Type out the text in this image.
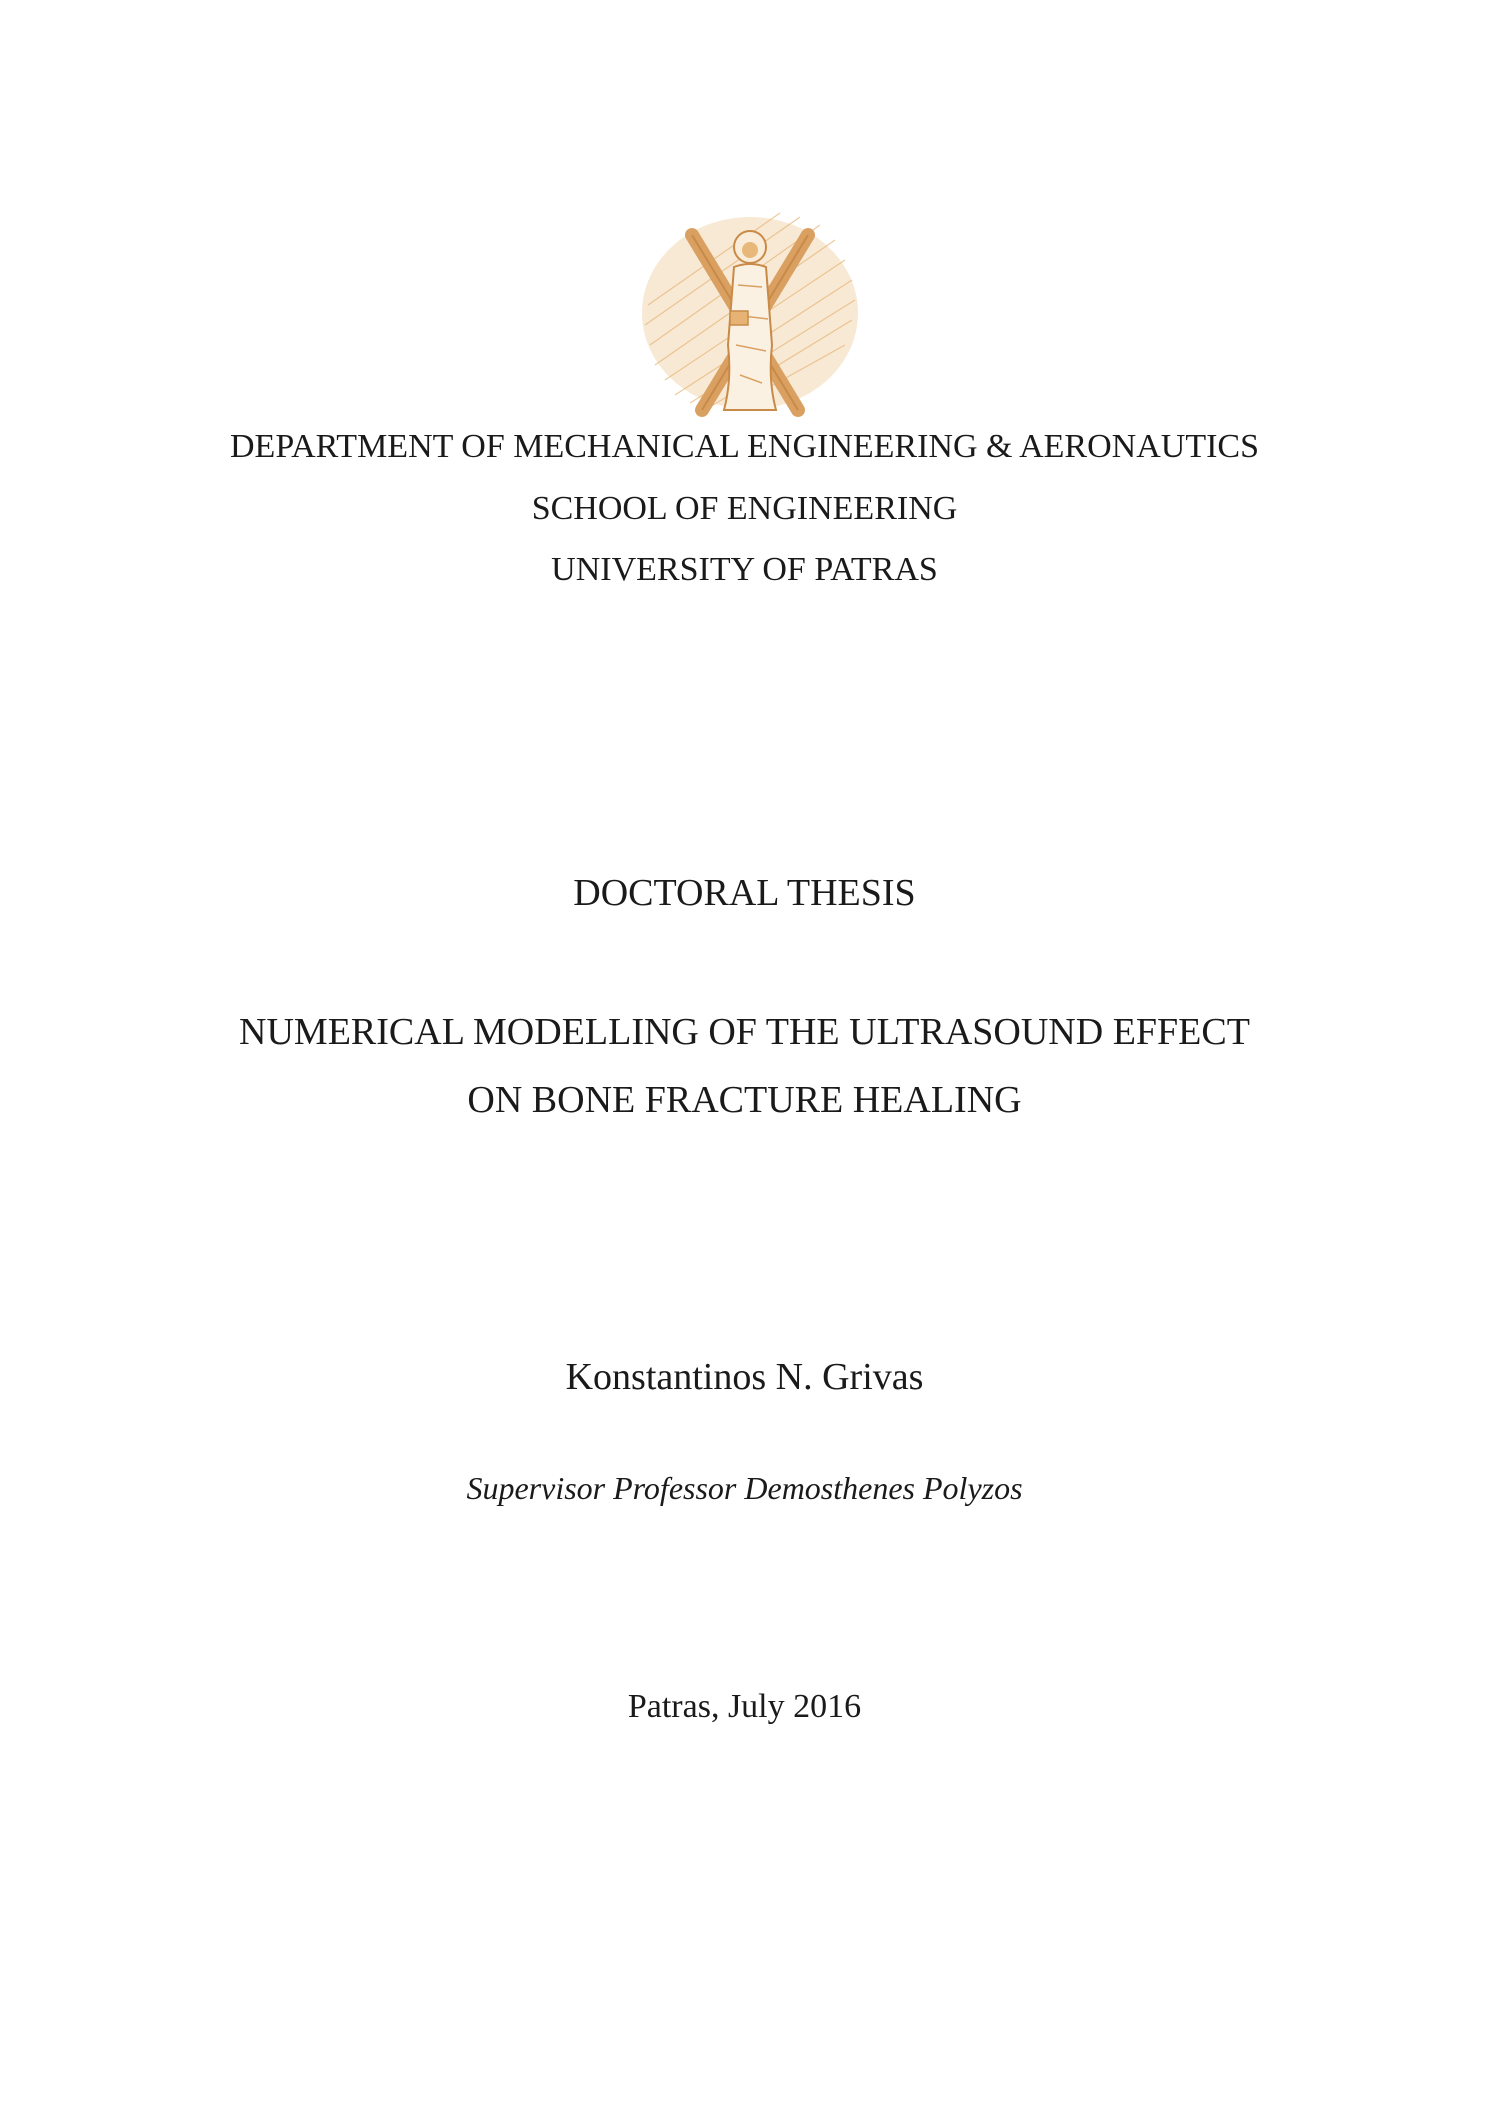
DEPARTMENT OF MECHANICAL ENGINEERING & AERONAUTICS
SCHOOL OF ENGINEERING
UNIVERSITY OF PATRAS
DOCTORAL THESIS
NUMERICAL MODELLING OF THE ULTRASOUND EFFECT
ON BONE FRACTURE HEALING
Konstantinos N. Grivas
Supervisor Professor Demosthenes Polyzos
Patras, July 2016
